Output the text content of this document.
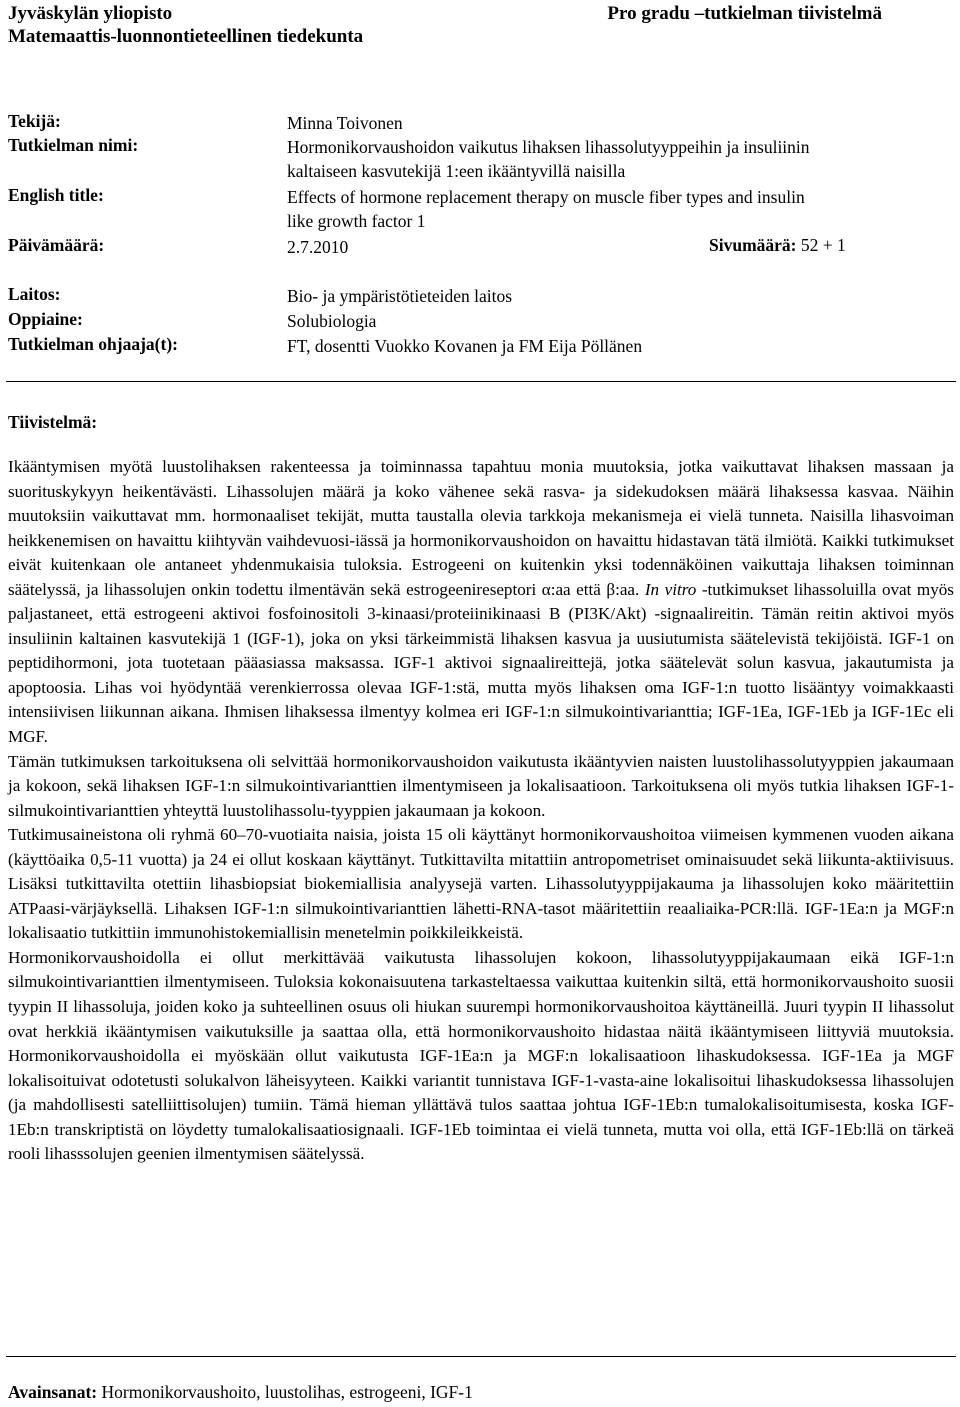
Jyväskylän yliopisto
Matemaattis-luonnontieteellinen tiedekunta
Pro gradu –tutkielman tiivistelmä
Tekijä:	Minna Toivonen
Tutkielman nimi:	Hormonikorvaushoidon vaikutus lihaksen lihassolutyyppeihin ja insuliinin
kaltaiseen kasvutekijä 1:een ikääntyvillä naisilla
English title:	Effects of hormone replacement therapy on muscle fiber types and insulin
like growth factor 1
Päivämäärä:	2.7.2010	Sivumäärä: 52 + 1
Laitos:	Bio- ja ympäristötieteiden laitos
Oppiaine:	Solubiologia
Tutkielman ohjaaja(t):	FT, dosentti Vuokko Kovanen ja FM Eija Pöllänen
Tiivistelmä:

Ikääntymisen myötä luustolihaksen rakenteessa ja toiminnassa tapahtuu monia muutoksia, jotka vaikuttavat lihaksen massaan ja suorituskykyyn heikentävästi. Lihassolujen määrä ja koko vähenee sekä rasva- ja sidekudoksen määrä lihaksessa kasvaa. Näihin muutoksiin vaikuttavat mm. hormonaaliset tekijät, mutta taustalla olevia tarkkoja mekanismeja ei vielä tunneta. Naisilla lihasvoiman heikkenemisen on havaittu kiihtyvän vaihdevuosi-iässä ja hormonikorvaushoidon on havaittu hidastavan tätä ilmiötä. Kaikki tutkimukset eivät kuitenkaan ole antaneet yhdenmukaisia tuloksia. Estrogeeni on kuitenkin yksi todennäköinen vaikuttaja lihaksen toiminnan säätelyssä, ja lihassolujen onkin todettu ilmentävän sekä estrogeenireseptori α:aa että β:aa. In vitro -tutkimukset lihassoluilla ovat myös paljastaneet, että estrogeeni aktivoi fosfoinositoli 3-kinaasi/proteiinikinaasi B (PI3K/Akt) -signaalireitin. Tämän reitin aktivoi myös insuliinin kaltainen kasvutekijä 1 (IGF-1), joka on yksi tärkeimmistä lihaksen kasvua ja uusiutumista säätelevistä tekijöistä. IGF-1 on peptidihormoni, jota tuotetaan pääasiassa maksassa. IGF-1 aktivoi signaalireittejä, jotka säätelevät solun kasvua, jakautumista ja apoptoosia. Lihas voi hyödyntää verenkierrossa olevaa IGF-1:stä, mutta myös lihaksen oma IGF-1:n tuotto lisääntyy voimakkaasti intensiivisen liikunnan aikana. Ihmisen lihaksessa ilmentyy kolmea eri IGF-1:n silmukointivarianttia; IGF-1Ea, IGF-1Eb ja IGF-1Ec eli MGF.

Tämän tutkimuksen tarkoituksena oli selvittää hormonikorvaushoidon vaikutusta ikääntyvien naisten luustolihassolutyyppien jakaumaan ja kokoon, sekä lihaksen IGF-1:n silmukointivarianttien ilmentymiseen ja lokalisaatioon. Tarkoituksena oli myös tutkia lihaksen IGF-1-silmukointivarianttien yhteyttä luustolihassolu-tyyppien jakaumaan ja kokoon.

Tutkimusaineistona oli ryhmä 60–70-vuotiaita naisia, joista 15 oli käyttänyt hormonikorvaushoitoa viimeisen kymmenen vuoden aikana (käyttöaika 0,5-11 vuotta) ja 24 ei ollut koskaan käyttänyt. Tutkittavilta mitattiin antropometriset ominaisuudet sekä liikunta-aktiivisuus. Lisäksi tutkittavilta otettiin lihasbiopsiat biokemiallisia analyysejä varten. Lihassolutyyppijakauma ja lihassolujen koko määritettiin ATPaasi-värjäyksellä. Lihaksen IGF-1:n silmukointivarianttien lähetti-RNA-tasot määritettiin reaaliaika-PCR:llä. IGF-1Ea:n ja MGF:n lokalisaatio tutkittiin immunohistokemiallisin menetelmin poikkileikkeistä.

Hormonikorvaushoidolla ei ollut merkittävää vaikutusta lihassolujen kokoon, lihassolutyyppijakaumaan eikä IGF-1:n silmukointivarianttien ilmentymiseen. Tuloksia kokonaisuutena tarkasteltaessa vaikuttaa kuitenkin siltä, että hormonikorvaushoito suosii tyypin II lihassoluja, joiden koko ja suhteellinen osuus oli hiukan suurempi hormonikorvaushoitoa käyttäneillä. Juuri tyypin II lihassolut ovat herkkiä ikääntymisen vaikutuksille ja saattaa olla, että hormonikorvaushoito hidastaa näitä ikääntymiseen liittyviä muutoksia. Hormonikorvaushoidolla ei myöskään ollut vaikutusta IGF-1Ea:n ja MGF:n lokalisaatioon lihaskudoksessa. IGF-1Ea ja MGF lokalisoituivat odotetusti solukalvon läheisyyteen. Kaikki variantit tunnistava IGF-1-vasta-aine lokalisoitui lihaskudoksessa lihassolujen (ja mahdollisesti satelliittisolujen) tumiin. Tämä hieman yllättävä tulos saattaa johtua IGF-1Eb:n tumalokalisoitumisesta, koska IGF-1Eb:n transkriptistä on löydetty tumalokalisaatiosignaali. IGF-1Eb toimintaa ei vielä tunneta, mutta voi olla, että IGF-1Eb:llä on tärkeä rooli lihasssolujen geenien ilmentymisen säätelyssä.

Avainsanat: Hormonikorvaushoito, luustolihas, estrogeeni, IGF-1
